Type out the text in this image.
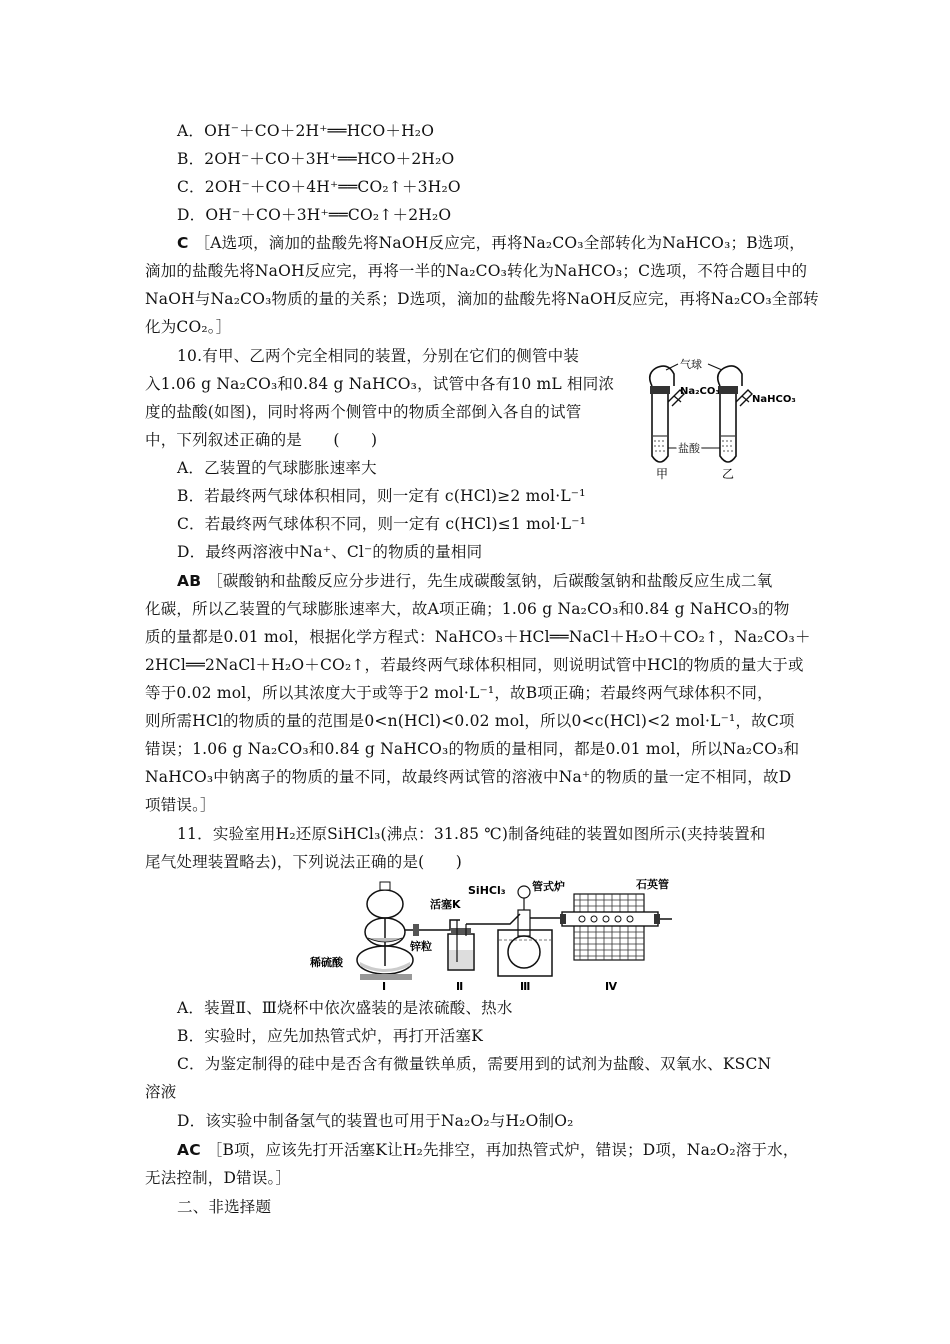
A．OH⁻＋CO＋2H⁺══HCO＋H₂O
B．2OH⁻＋CO＋3H⁺══HCO＋2H₂O
C．2OH⁻＋CO＋4H⁺══CO₂↑＋3H₂O
D．OH⁻＋CO＋3H⁺══CO₂↑＋2H₂O
C ［A选项，滴加的盐酸先将NaOH反应完，再将Na₂CO₃全部转化为NaHCO₃；B选项，
滴加的盐酸先将NaOH反应完，再将一半的Na₂CO₃转化为NaHCO₃；C选项，不符合题目中的
NaOH与Na₂CO₃物质的量的关系；D选项，滴加的盐酸先将NaOH反应完，再将Na₂CO₃全部转
化为CO₂。］
10.有甲、乙两个完全相同的装置，分别在它们的侧管中装
入1.06 g Na₂CO₃和0.84 g NaHCO₃，试管中各有10 mL 相同浓
度的盐酸(如图)，同时将两个侧管中的物质全部倒入各自的试管
中，下列叙述正确的是　　(　　)
A．乙装置的气球膨胀速率大
B．若最终两气球体积相同，则一定有 c(HCl)≥2 mol·L⁻¹
C．若最终两气球体积不同，则一定有 c(HCl)≤1 mol·L⁻¹
D．最终两溶液中Na⁺、Cl⁻的物质的量相同
气球
Na₂CO₃
NaHCO₃
盐酸
甲	乙
AB ［碳酸钠和盐酸反应分步进行，先生成碳酸氢钠，后碳酸氢钠和盐酸反应生成二氧
化碳，所以乙装置的气球膨胀速率大，故A项正确；1.06 g Na₂CO₃和0.84 g NaHCO₃的物
质的量都是0.01 mol，根据化学方程式：NaHCO₃＋HCl══NaCl＋H₂O＋CO₂↑，Na₂CO₃＋
2HCl══2NaCl＋H₂O＋CO₂↑，若最终两气球体积相同，则说明试管中HCl的物质的量大于或
等于0.02 mol，所以其浓度大于或等于2 mol·L⁻¹，故B项正确；若最终两气球体积不同，
则所需HCl的物质的量的范围是0<n(HCl)<0.02 mol，所以0<c(HCl)<2 mol·L⁻¹，故C项
错误；1.06 g Na₂CO₃和0.84 g NaHCO₃的物质的量相同，都是0.01 mol，所以Na₂CO₃和
NaHCO₃中钠离子的物质的量不同，故最终两试管的溶液中Na⁺的物质的量一定不相同，故D
项错误。］
11．实验室用H₂还原SiHCl₃(沸点：31.85 ℃)制备纯硅的装置如图所示(夹持装置和
尾气处理装置略去)，下列说法正确的是(　　)
活塞K
锌粒
稀硫酸
Ⅰ	Ⅱ
SiHCl₃ 管式炉
Ⅲ
石英管
Ⅳ
A．装置Ⅱ、Ⅲ烧杯中依次盛装的是浓硫酸、热水
B．实验时，应先加热管式炉，再打开活塞K
C．为鉴定制得的硅中是否含有微量铁单质，需要用到的试剂为盐酸、双氧水、KSCN
溶液
D．该实验中制备氢气的装置也可用于Na₂O₂与H₂O制O₂
AC ［B项，应该先打开活塞K让H₂先排空，再加热管式炉，错误；D项，Na₂O₂溶于水，
无法控制，D错误。］
二、非选择题
